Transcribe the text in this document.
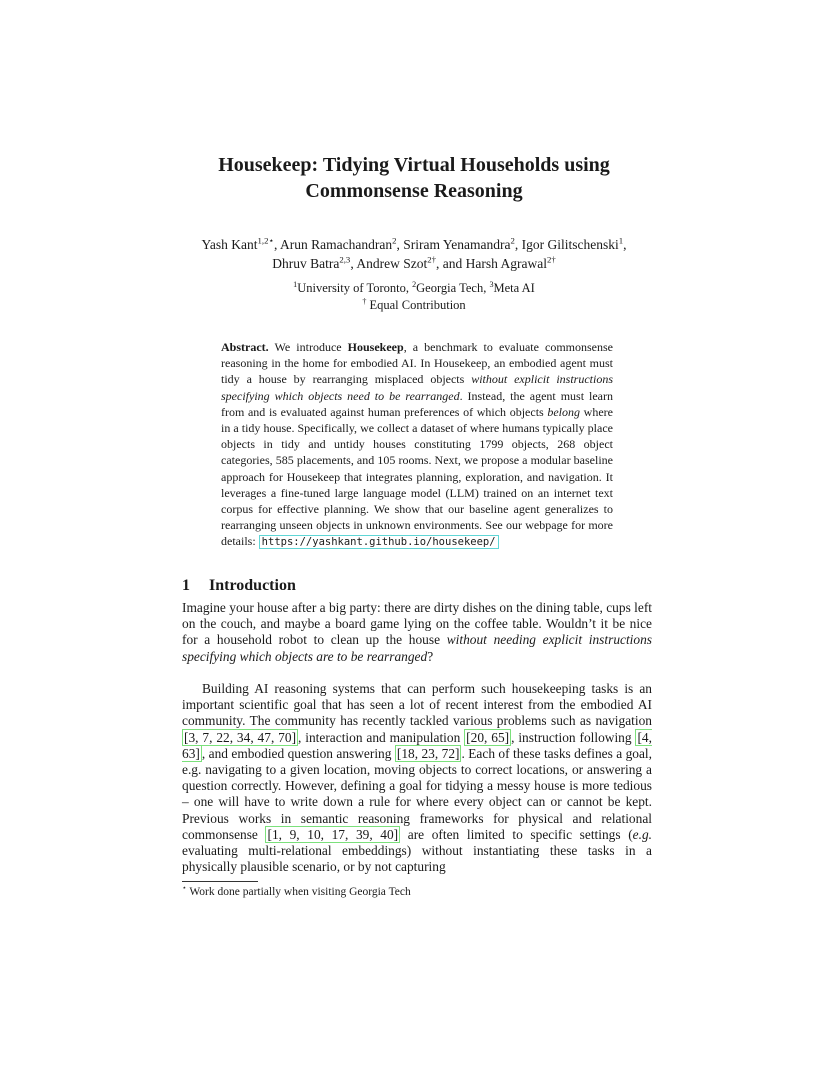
Housekeep: Tidying Virtual Households using
Commonsense Reasoning
Yash Kant$^{1,2⋆}$, Arun Ramachandran$^2$, Sriram Yenamandra$^2$, Igor Gilitschenski$^1$,
Dhruv Batra$^{2,3}$, Andrew Szot$^{2\dagger}$, and Harsh Agrawal$^{2\dagger}$
$^1$University of Toronto, $^2$Georgia Tech, $^3$Meta AI
† Equal Contribution
Abstract. We introduce Housekeep, a benchmark to evaluate commonsense reasoning in the home for embodied AI. In Housekeep, an embodied agent must tidy a house by rearranging misplaced objects without explicit instructions specifying which objects need to be rearranged. Instead, the agent must learn from and is evaluated against human preferences of which objects belong where in a tidy house. Specifically, we collect a dataset of where humans typically place objects in tidy and untidy houses constituting 1799 objects, 268 object categories, 585 placements, and 105 rooms. Next, we propose a modular baseline approach for Housekeep that integrates planning, exploration, and navigation. It leverages a fine-tuned large language model (LLM) trained on an internet text corpus for effective planning. We show that our baseline agent generalizes to rearranging unseen objects in unknown environments. See our webpage for more details: https://yashkant.github.io/housekeep/
1 Introduction
Imagine your house after a big party: there are dirty dishes on the dining table, cups left on the couch, and maybe a board game lying on the coffee table. Wouldn’t it be nice for a household robot to clean up the house without needing explicit instructions specifying which objects are to be rearranged?
Building AI reasoning systems that can perform such housekeeping tasks is an important scientific goal that has seen a lot of recent interest from the embodied AI community. The community has recently tackled various problems such as navigation [3, 7, 22, 34, 47, 70] , interaction and manipulation [20, 65] , instruction following [4, 63] , and embodied question answering [18, 23, 72] . Each of these tasks defines a goal, e.g. navigating to a given location, moving objects to correct locations, or answering a question correctly. However, defining a goal for tidying a messy house is more tedious – one will have to write down a rule for where every object can or cannot be kept. Previous works in semantic reasoning frameworks for physical and relational commonsense [1, 9, 10, 17, 39, 40] are often limited to specific settings (e.g. evaluating multi-relational embeddings) without instantiating these tasks in a physically plausible scenario, or by not capturing
⋆ Work done partially when visiting Georgia Tech
